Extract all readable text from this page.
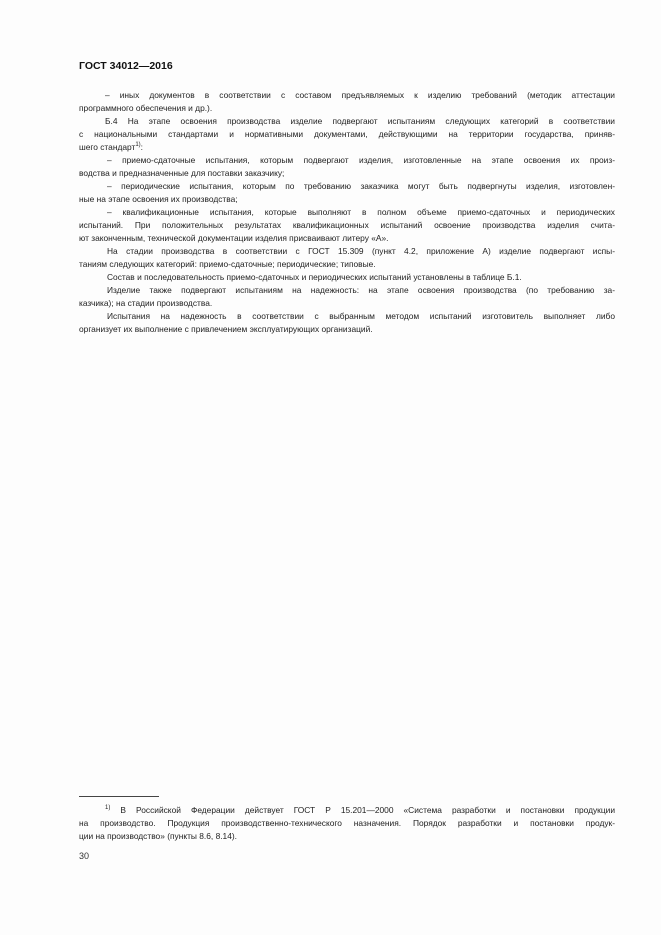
ГОСТ 34012—2016
– иных документов в соответствии с составом предъявляемых к изделию требований (методик аттестации
программного обеспечения и др.).
Б.4 На этапе освоения производства изделие подвергают испытаниям следующих категорий в соответствии
с национальными стандартами и нормативными документами, действующими на территории государства, приняв-
шего стандарт$^{1)}$:
– приемо-сдаточные испытания, которым подвергают изделия, изготовленные на этапе освоения их произ-
водства и предназначенные для поставки заказчику;
– периодические испытания, которым по требованию заказчика могут быть подвергнуты изделия, изготовлен-
ные на этапе освоения их производства;
– квалификационные испытания, которые выполняют в полном объеме приемо-сдаточных и периодических
испытаний. При положительных результатах квалификационных испытаний освоение производства изделия счита-
ют законченным, технической документации изделия присваивают литеру «А».
На стадии производства в соответствии с ГОСТ 15.309 (пункт 4.2, приложение А) изделие подвергают испы-
таниям следующих категорий: приемо-сдаточные; периодические; типовые.
Состав и последовательность приемо-сдаточных и периодических испытаний установлены в таблице Б.1.
Изделие также подвергают испытаниям на надежность: на этапе освоения производства (по требованию за-
казчика); на стадии производства.
Испытания на надежность в соответствии с выбранным методом испытаний изготовитель выполняет либо
организует их выполнение с привлечением эксплуатирующих организаций.
$^{1)}$ В Российской Федерации действует ГОСТ Р 15.201—2000 «Система разработки и постановки продукции
на производство. Продукция производственно-технического назначения. Порядок разработки и постановки продук-
ции на производство» (пункты 8.6, 8.14).
30
